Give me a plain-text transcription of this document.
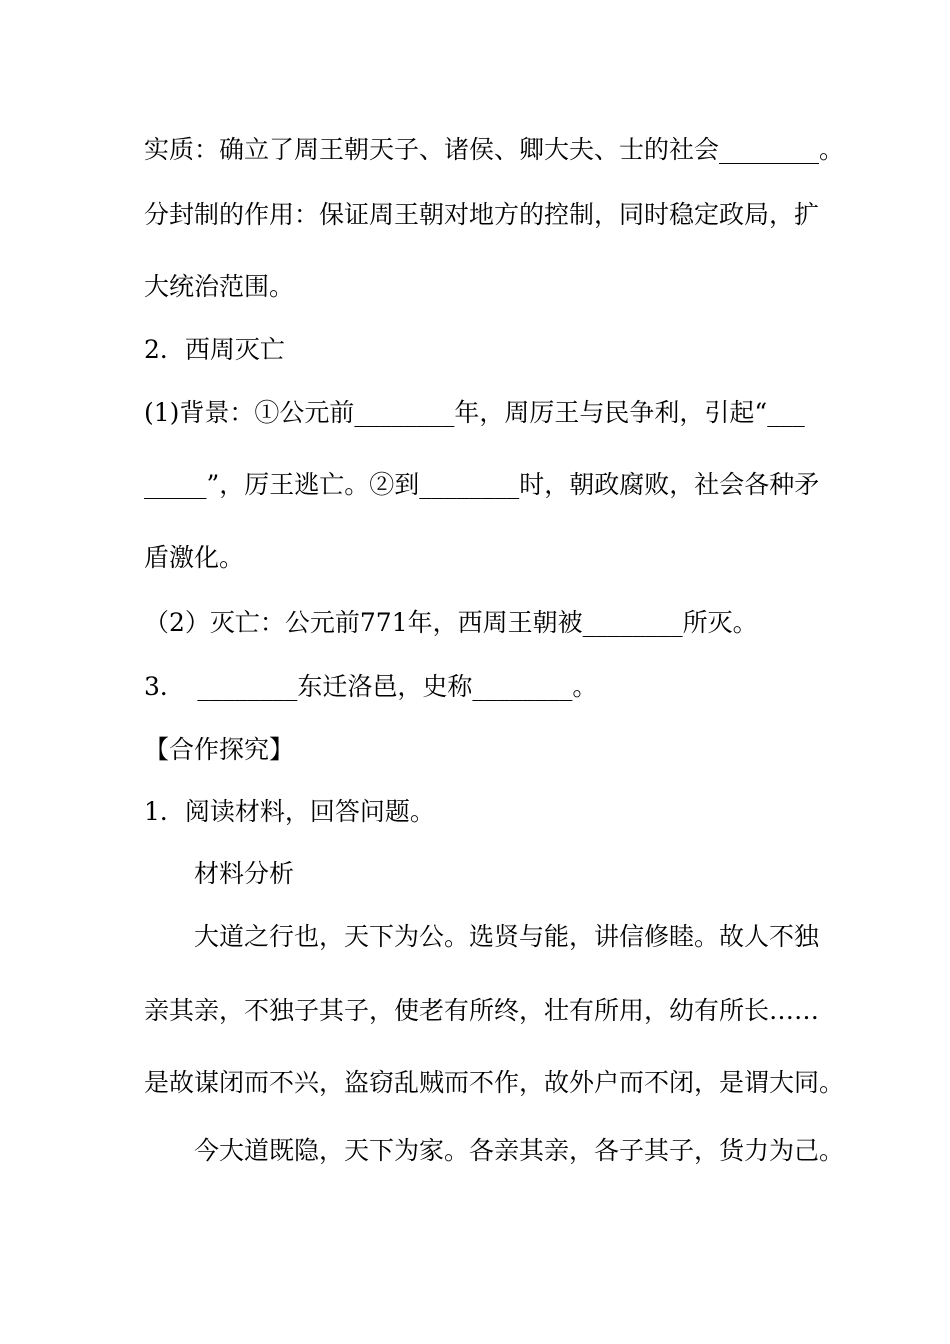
实质：确立了周王朝天子、诸侯、卿大夫、士的社会________。
分封制的作用：保证周王朝对地方的控制，同时稳定政局，扩
大统治范围。
2．西周灭亡
(1)背景：①公元前________年，周厉王与民争利，引起“___
_____”，厉王逃亡。②到________时，朝政腐败，社会各种矛
盾激化。
（2）灭亡：公元前771年，西周王朝被________所灭。
3．　________东迁洛邑，史称________。
【合作探究】
1．阅读材料，回答问题。
材料分析
大道之行也，天下为公。选贤与能，讲信修睦。故人不独
亲其亲，不独子其子，使老有所终，壮有所用，幼有所长……
是故谋闭而不兴，盗窃乱贼而不作，故外户而不闭，是谓大同。
今大道既隐，天下为家。各亲其亲，各子其子，货力为己。
